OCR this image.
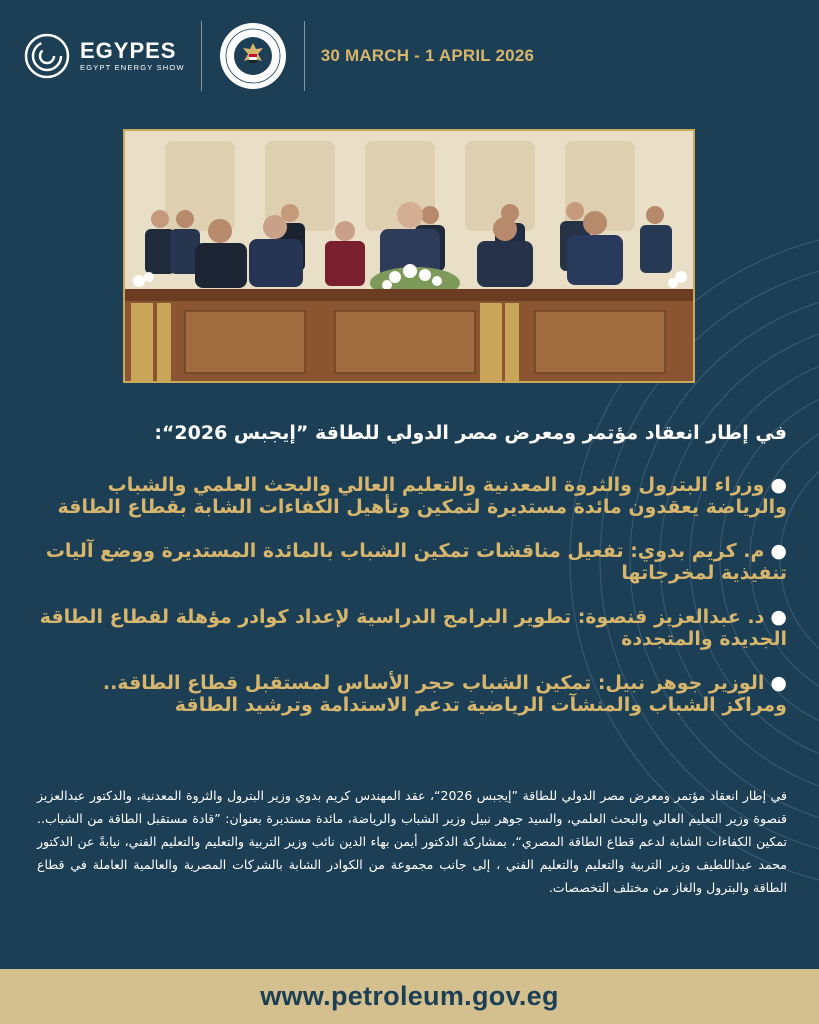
EGYPES
EGYPT ENERGY SHOW
30 MARCH - 1 APRIL 2026

في إطار انعقاد مؤتمر ومعرض مصر الدولي للطاقة ”إيجبس 2026“:

●وزراء البترول والثروة المعدنية والتعليم العالي والبحث العلمي والشباب والرياضة يعقدون مائدة مستديرة لتمكين وتأهيل الكفاءات الشابة بقطاع الطاقة
●م. كريم بدوي: تفعيل مناقشات تمكين الشباب بالمائدة المستديرة ووضع آليات تنفيذية لمخرجاتها
●د. عبدالعزيز قنصوة: تطوير البرامج الدراسية لإعداد كوادر مؤهلة لقطاع الطاقة الجديدة والمتجددة
●الوزير جوهر نبيل: تمكين الشباب حجر الأساس لمستقبل قطاع الطاقة.. ومراكز الشباب والمنشآت الرياضية تدعم الاستدامة وترشيد الطاقة

في إطار انعقاد مؤتمر ومعرض مصر الدولي للطاقة ”إيجبس 2026“، عقد المهندس كريم بدوي وزير البترول والثروة المعدنية، والدكتور عبدالعزيز قنصوة وزير التعليم العالي والبحث العلمي، والسيد جوهر نبيل وزير الشباب والرياضة، مائدة مستديرة بعنوان: ”قادة مستقبل الطاقة من الشباب.. تمكين الكفاءات الشابة لدعم قطاع الطاقة المصري“، بمشاركة الدكتور أيمن بهاء الدين نائب وزير التربية والتعليم والتعليم الفني، نيابةً عن الدكتور محمد عبداللطيف وزير التربية والتعليم والتعليم الفني ، إلى جانب مجموعة من الكوادر الشابة بالشركات المصرية والعالمية العاملة في قطاع الطاقة والبترول والغاز من مختلف التخصصات.

www.petroleum.gov.eg
